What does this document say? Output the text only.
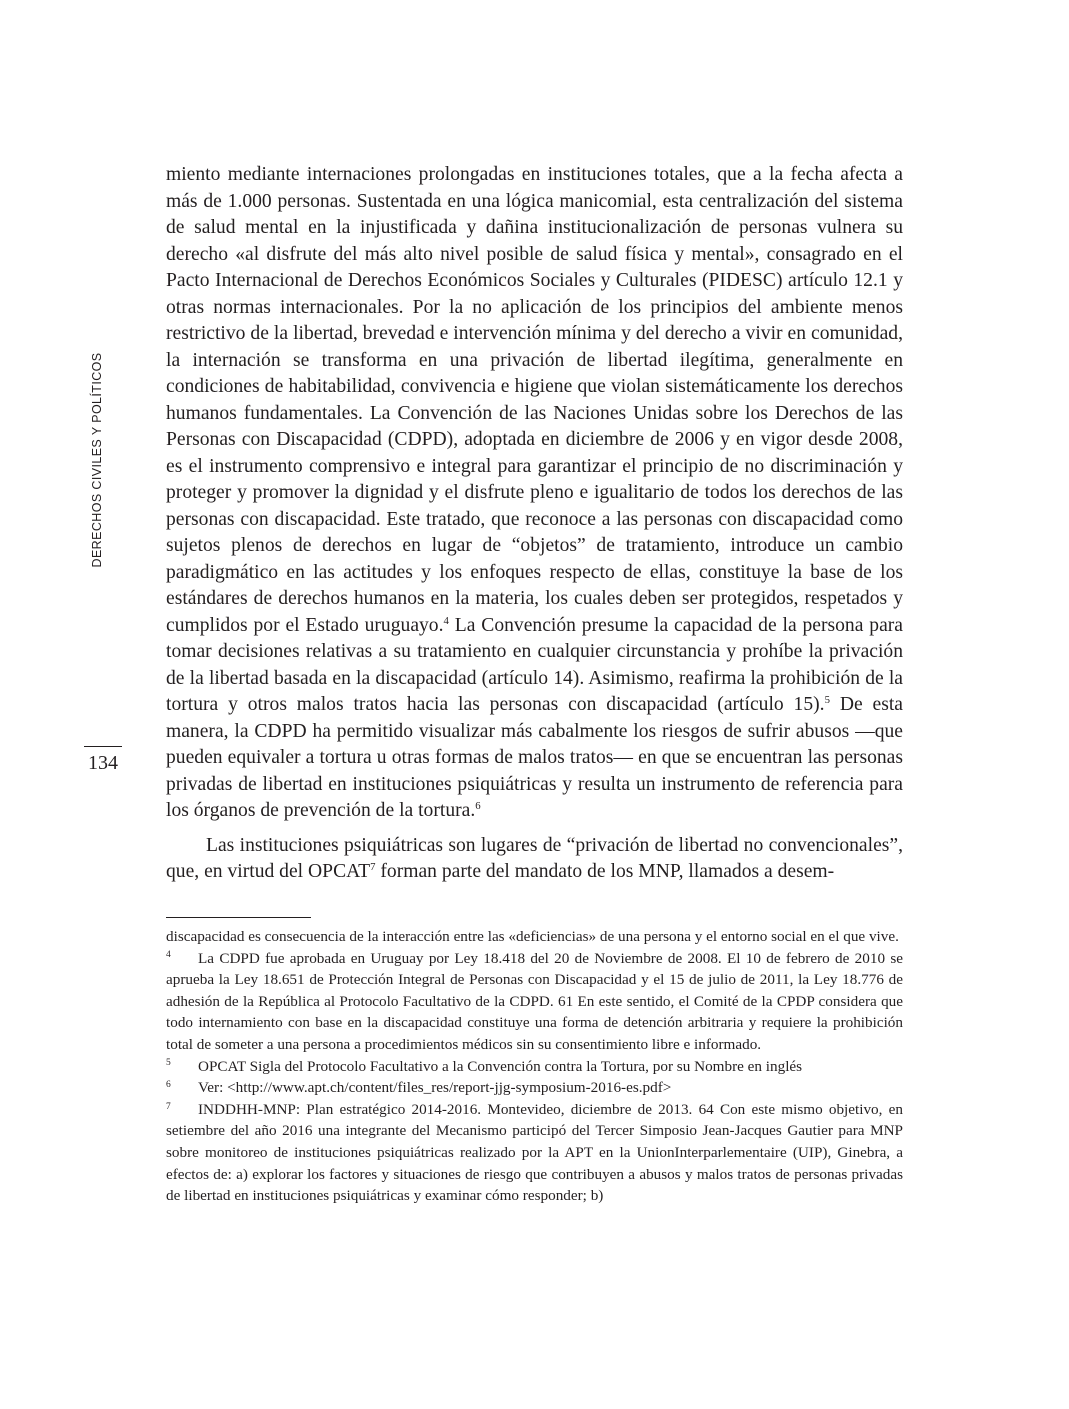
DERECHOS CIVILES Y POLÍTICOS
134

miento mediante internaciones prolongadas en instituciones totales, que a la fecha afecta a más de 1.000 personas. Sustentada en una lógica manicomial, esta centralización del sistema de salud mental en la injustificada y dañina institucionalización de personas vulnera su derecho «al disfrute del más alto nivel posible de salud física y mental», consagrado en el Pacto Internacional de Derechos Económicos Sociales y Culturales (PIDESC) artículo 12.1 y otras normas internacionales. Por la no aplicación de los principios del ambiente menos restrictivo de la libertad, brevedad e intervención mínima y del derecho a vivir en comunidad, la internación se transforma en una privación de libertad ilegítima, generalmente en condiciones de habitabilidad, convivencia e higiene que violan sistemáticamente los derechos humanos fundamentales. La Convención de las Naciones Unidas sobre los Derechos de las Personas con Discapacidad (CDPD), adoptada en diciembre de 2006 y en vigor desde 2008, es el instrumento comprensivo e integral para garantizar el principio de no discriminación y proteger y promover la dignidad y el disfrute pleno e igualitario de todos los derechos de las personas con discapacidad. Este tratado, que reconoce a las personas con discapacidad como sujetos plenos de derechos en lugar de “objetos” de tratamiento, introduce un cambio paradigmático en las actitudes y los enfoques respecto de ellas, constituye la base de los estándares de derechos humanos en la materia, los cuales deben ser protegidos, respetados y cumplidos por el Estado uruguayo.$^4$ La Convención presume la capacidad de la persona para tomar decisiones relativas a su tratamiento en cualquier circunstancia y prohíbe la privación de la libertad basada en la discapacidad (artículo 14). Asimismo, reafirma la prohibición de la tortura y otros malos tratos hacia las personas con discapacidad (artículo 15).$^5$ De esta manera, la CDPD ha permitido visualizar más cabalmente los riesgos de sufrir abusos —que pueden equivaler a tortura u otras formas de malos tratos— en que se encuentran las personas privadas de libertad en instituciones psiquiátricas y resulta un instrumento de referencia para los órganos de prevención de la tortura.$^6$

Las instituciones psiquiátricas son lugares de “privación de libertad no convencionales”, que, en virtud del OPCAT$^7$ forman parte del mandato de los MNP, llamados a desem-

discapacidad es consecuencia de la interacción entre las «deficiencias» de una persona y el entorno social en el que vive.

4 La CDPD fue aprobada en Uruguay por Ley 18.418 del 20 de Noviembre de 2008. El 10 de febrero de 2010 se aprueba la Ley 18.651 de Protección Integral de Personas con Discapacidad y el 15 de julio de 2011, la Ley 18.776 de adhesión de la República al Protocolo Facultativo de la CDPD. 61 En este sentido, el Comité de la CPDP considera que todo internamiento con base en la discapacidad constituye una forma de detención arbitraria y requiere la prohibición total de someter a una persona a procedimientos médicos sin su consentimiento libre e informado.

5 OPCAT Sigla del Protocolo Facultativo a la Convención contra la Tortura, por su Nombre en inglés

6 Ver: <http://www.apt.ch/content/files_res/report-jjg-symposium-2016-es.pdf>

7 INDDHH-MNP: Plan estratégico 2014-2016. Montevideo, diciembre de 2013. 64 Con este mismo objetivo, en setiembre del año 2016 una integrante del Mecanismo participó del Tercer Simposio Jean-Jacques Gautier para MNP sobre monitoreo de instituciones psiquiátricas realizado por la APT en la UnionInterparlementaire (UIP), Ginebra, a efectos de: a) explorar los factores y situaciones de riesgo que contribuyen a abusos y malos tratos de personas privadas de libertad en instituciones psiquiátricas y examinar cómo responder; b)
